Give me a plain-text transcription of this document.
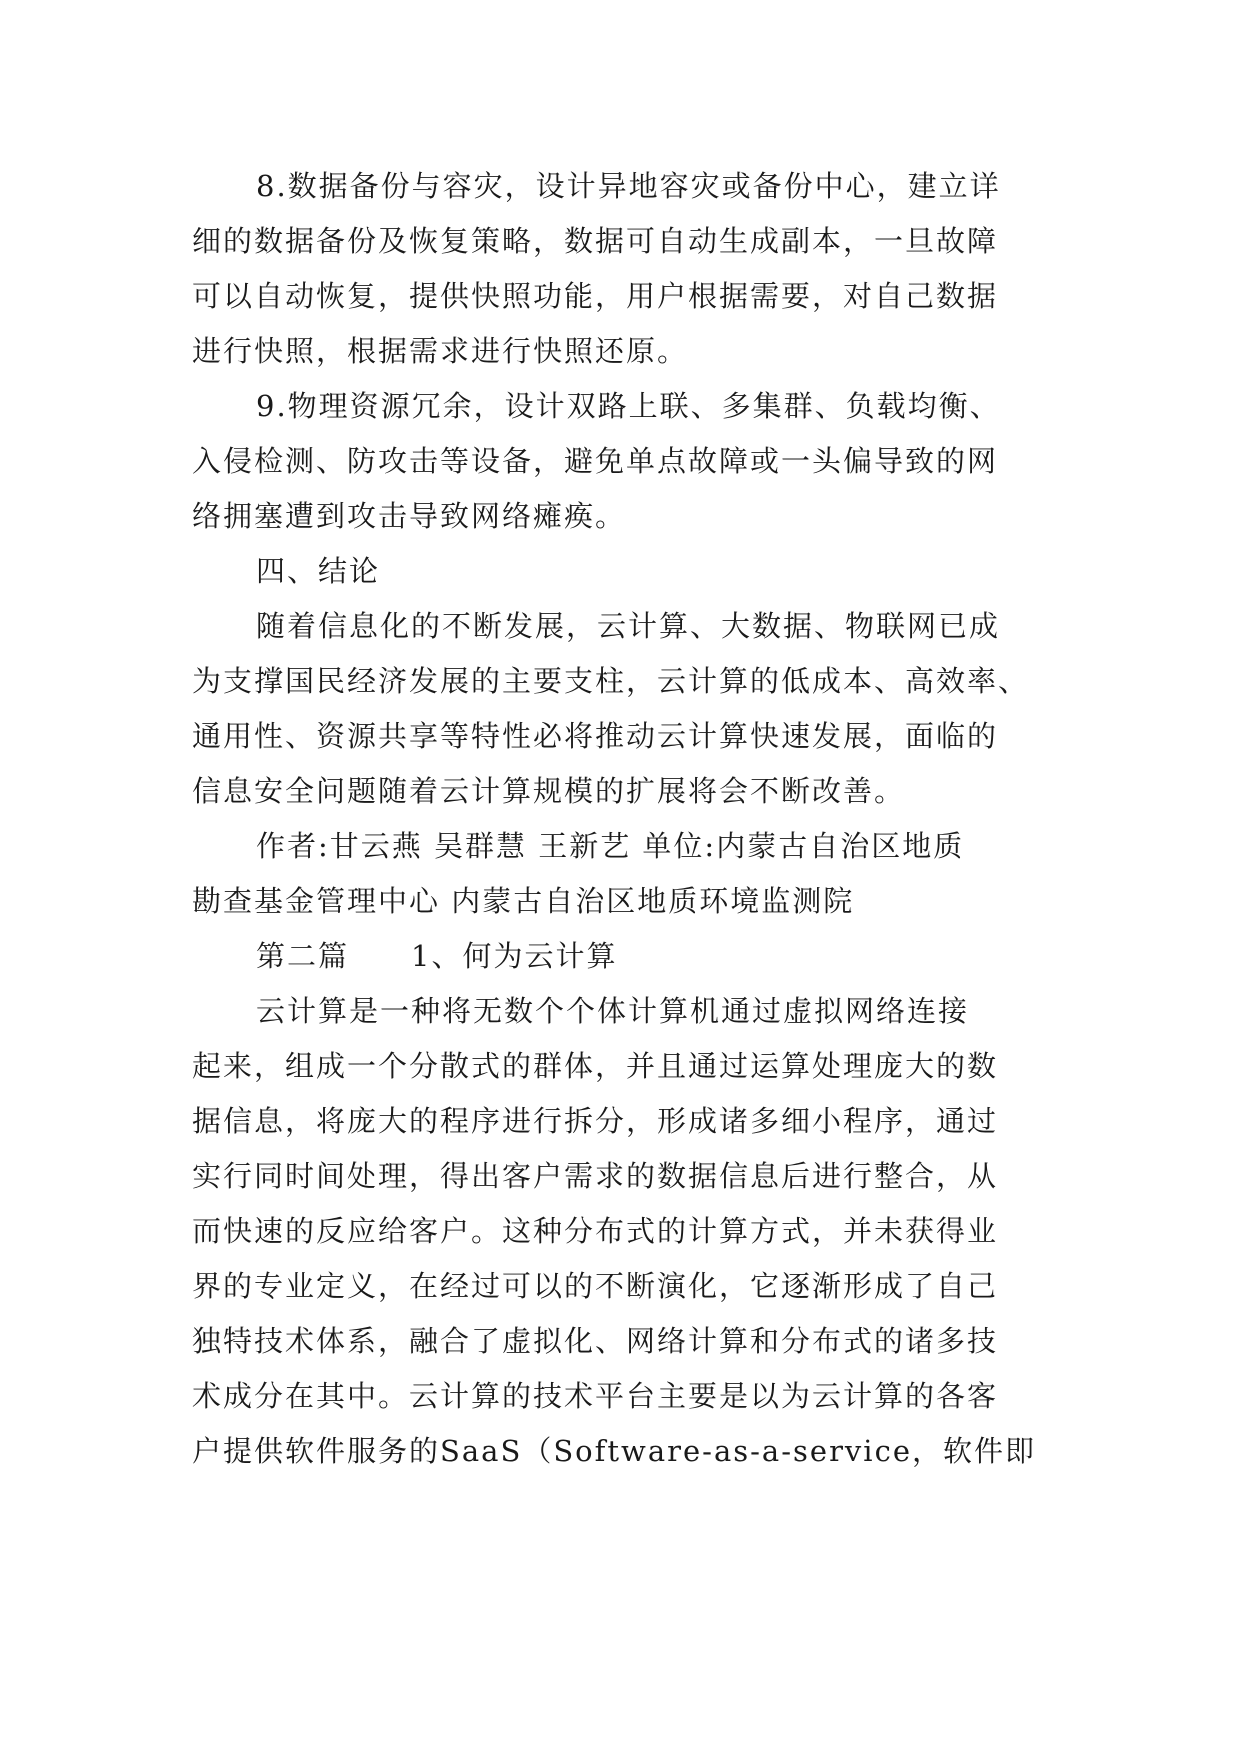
8.数据备份与容灾，设计异地容灾或备份中心，建立详

细的数据备份及恢复策略，数据可自动生成副本，一旦故障

可以自动恢复，提供快照功能，用户根据需要，对自己数据

进行快照，根据需求进行快照还原。

9.物理资源冗余，设计双路上联、多集群、负载均衡、

入侵检测、防攻击等设备，避免单点故障或一头偏导致的网

络拥塞遭到攻击导致网络瘫痪。

四、结论

随着信息化的不断发展，云计算、大数据、物联网已成

为支撑国民经济发展的主要支柱，云计算的低成本、高效率、

通用性、资源共享等特性必将推动云计算快速发展，面临的

信息安全问题随着云计算规模的扩展将会不断改善。

作者:甘云燕 吴群慧 王新艺 单位:内蒙古自治区地质

勘查基金管理中心 内蒙古自治区地质环境监测院

第二篇　　1、何为云计算

云计算是一种将无数个个体计算机通过虚拟网络连接

起来，组成一个分散式的群体，并且通过运算处理庞大的数

据信息，将庞大的程序进行拆分，形成诸多细小程序，通过

实行同时间处理，得出客户需求的数据信息后进行整合，从

而快速的反应给客户。这种分布式的计算方式，并未获得业

界的专业定义，在经过可以的不断演化，它逐渐形成了自己

独特技术体系，融合了虚拟化、网络计算和分布式的诸多技

术成分在其中。云计算的技术平台主要是以为云计算的各客

户提供软件服务的SaaS（Software-as-a-service，软件即
